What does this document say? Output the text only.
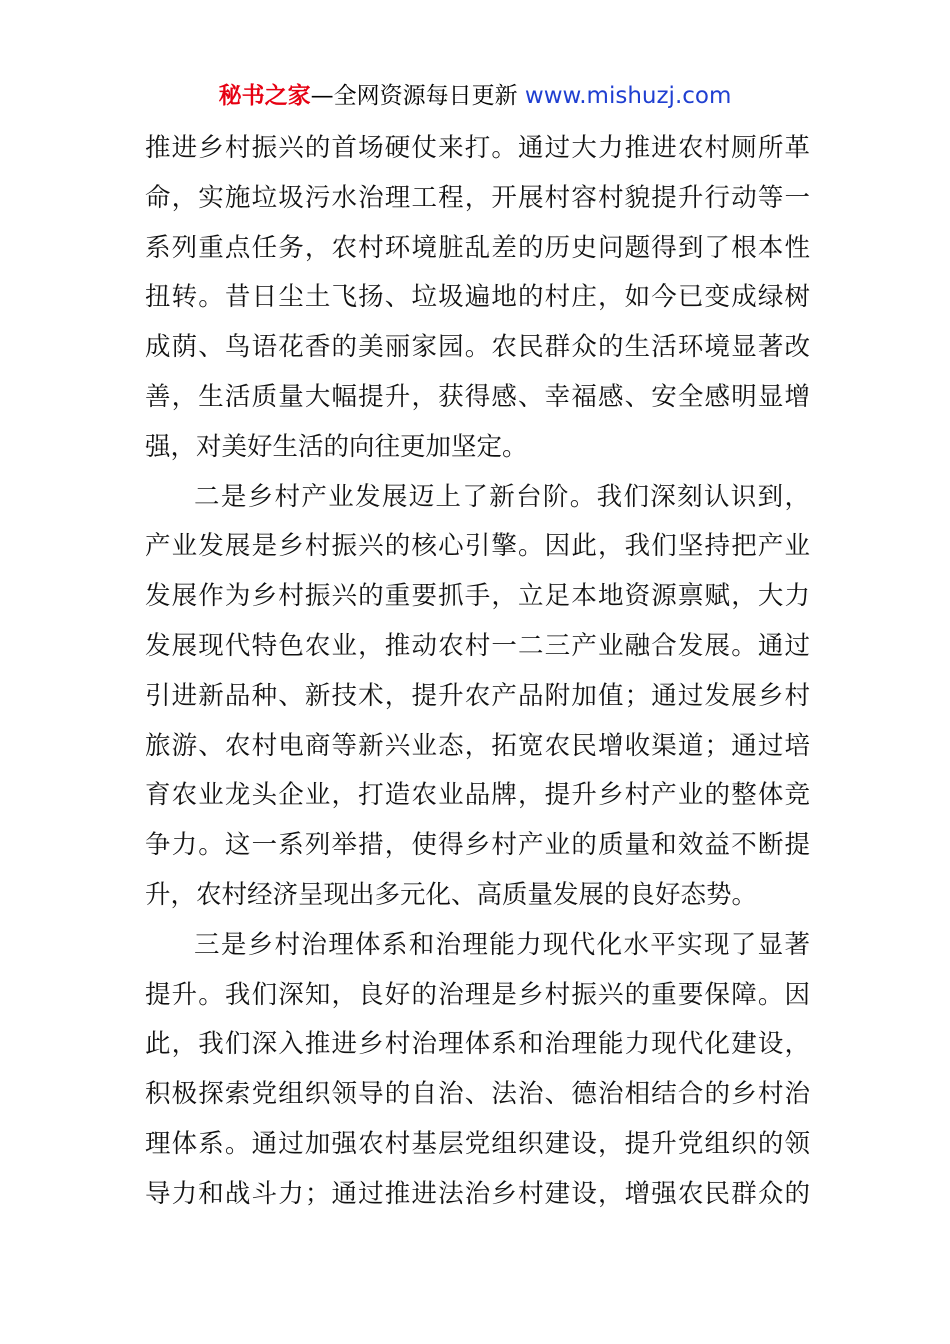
秘书之家—全网资源每日更新 www.mishuzj.com
推进乡村振兴的首场硬仗来打。通过大力推进农村厕所革
命，实施垃圾污水治理工程，开展村容村貌提升行动等一
系列重点任务，农村环境脏乱差的历史问题得到了根本性
扭转。昔日尘土飞扬、垃圾遍地的村庄，如今已变成绿树
成荫、鸟语花香的美丽家园。农民群众的生活环境显著改
善，生活质量大幅提升，获得感、幸福感、安全感明显增
强，对美好生活的向往更加坚定。
二是乡村产业发展迈上了新台阶。我们深刻认识到，
产业发展是乡村振兴的核心引擎。因此，我们坚持把产业
发展作为乡村振兴的重要抓手，立足本地资源禀赋，大力
发展现代特色农业，推动农村一二三产业融合发展。通过
引进新品种、新技术，提升农产品附加值；通过发展乡村
旅游、农村电商等新兴业态，拓宽农民增收渠道；通过培
育农业龙头企业，打造农业品牌，提升乡村产业的整体竞
争力。这一系列举措，使得乡村产业的质量和效益不断提
升，农村经济呈现出多元化、高质量发展的良好态势。
三是乡村治理体系和治理能力现代化水平实现了显著
提升。我们深知，良好的治理是乡村振兴的重要保障。因
此，我们深入推进乡村治理体系和治理能力现代化建设，
积极探索党组织领导的自治、法治、德治相结合的乡村治
理体系。通过加强农村基层党组织建设，提升党组织的领
导力和战斗力；通过推进法治乡村建设，增强农民群众的
